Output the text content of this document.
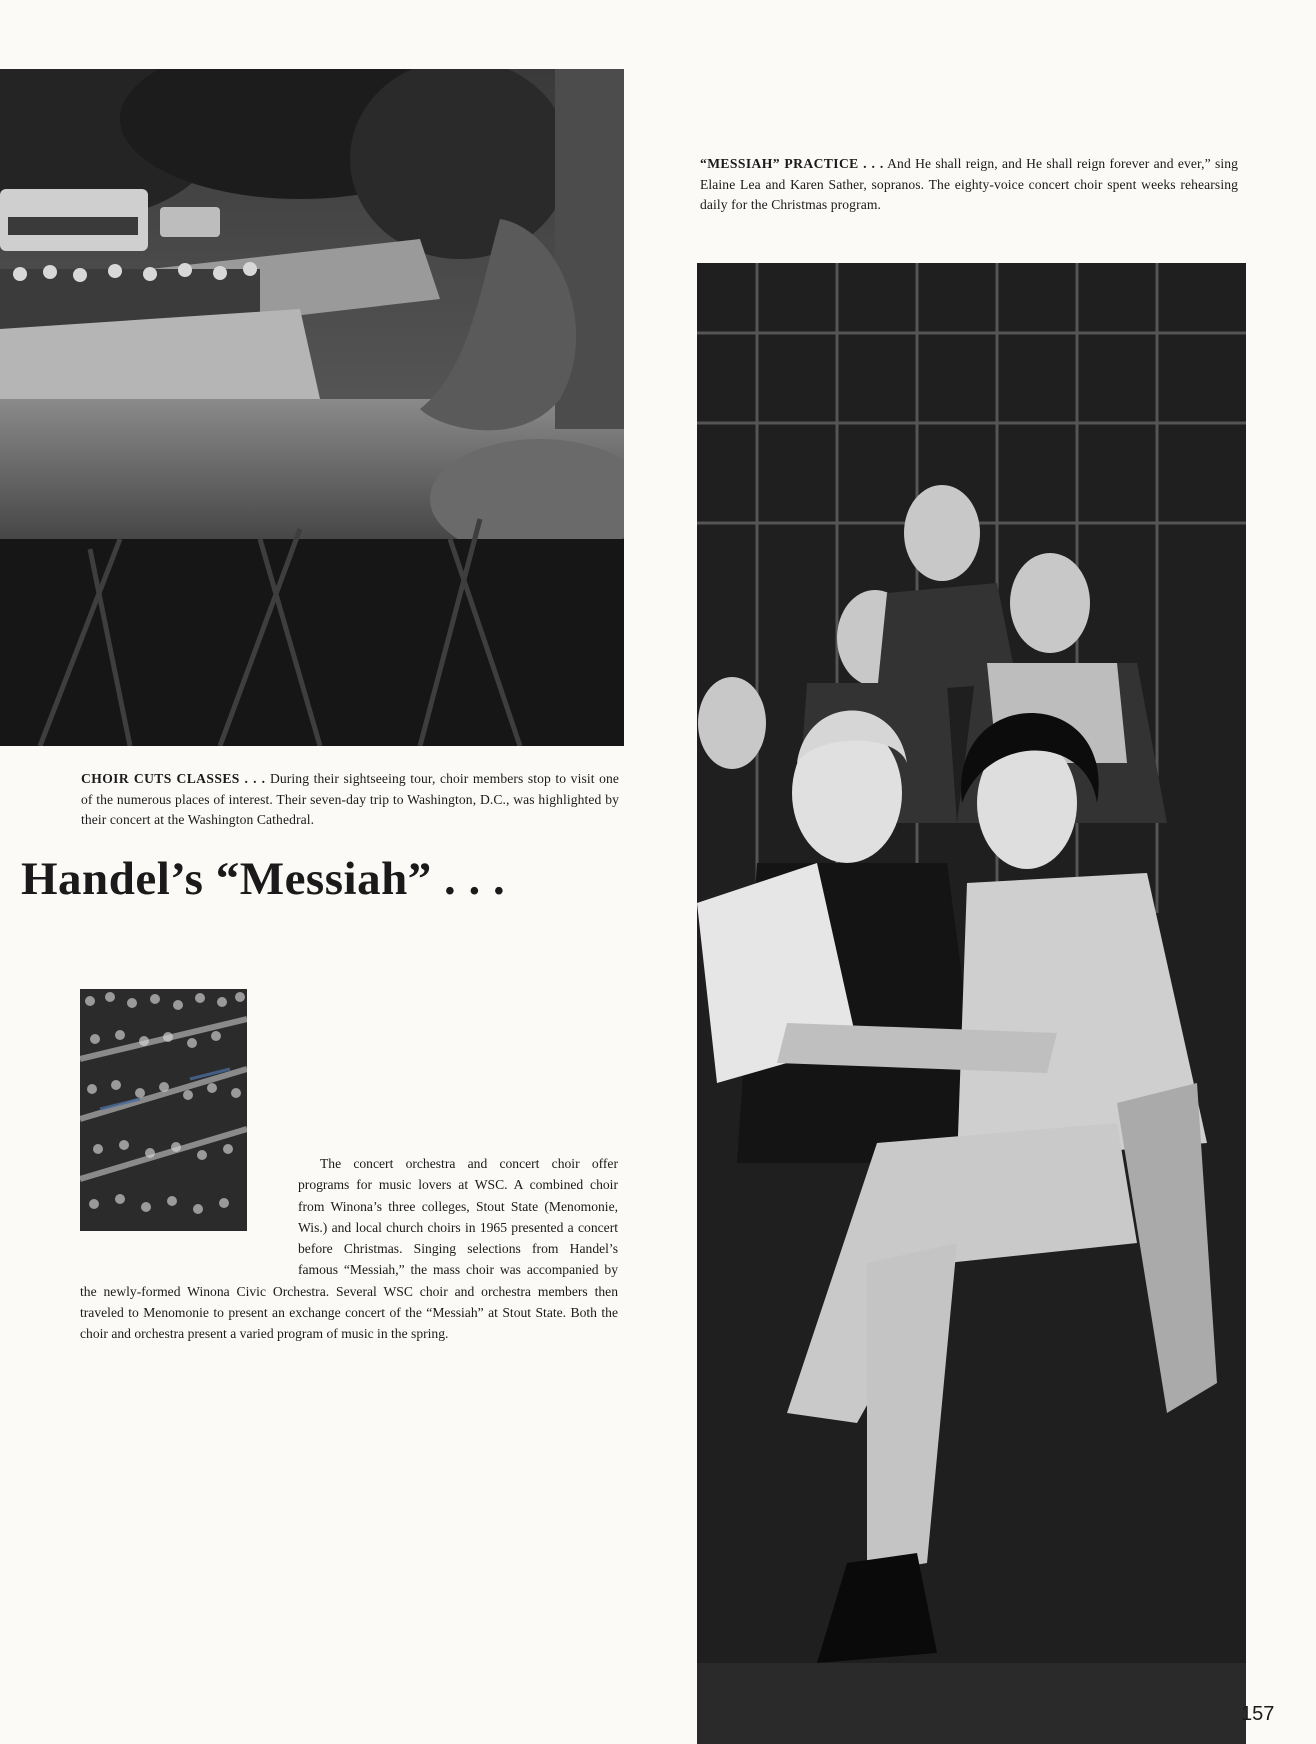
“MESSIAH” PRACTICE . . . And He shall reign, and He shall reign forever and ever,” sing Elaine Lea and Karen Sather, sopranos. The eighty-voice concert choir spent weeks rehearsing daily for the Christmas program.
CHOIR CUTS CLASSES . . . During their sightseeing tour, choir members stop to visit one of the numerous places of interest. Their seven-day trip to Washington, D.C., was highlighted by their concert at the Washington Cathedral.
Handel’s “Messiah” . . .
The concert orchestra and concert choir offer programs for music lovers at WSC. A combined choir from Winona’s three colleges, Stout State (Menomonie, Wis.) and local church choirs in 1965 presented a concert before Christmas. Singing selections from Handel’s famous “Messiah,” the mass choir was accompanied by the newly-formed Winona Civic Orchestra. Several WSC choir and orchestra members then traveled to Menomonie to present an exchange concert of the “Messiah” at Stout State. Both the choir and orchestra present a varied program of music in the spring.
157
